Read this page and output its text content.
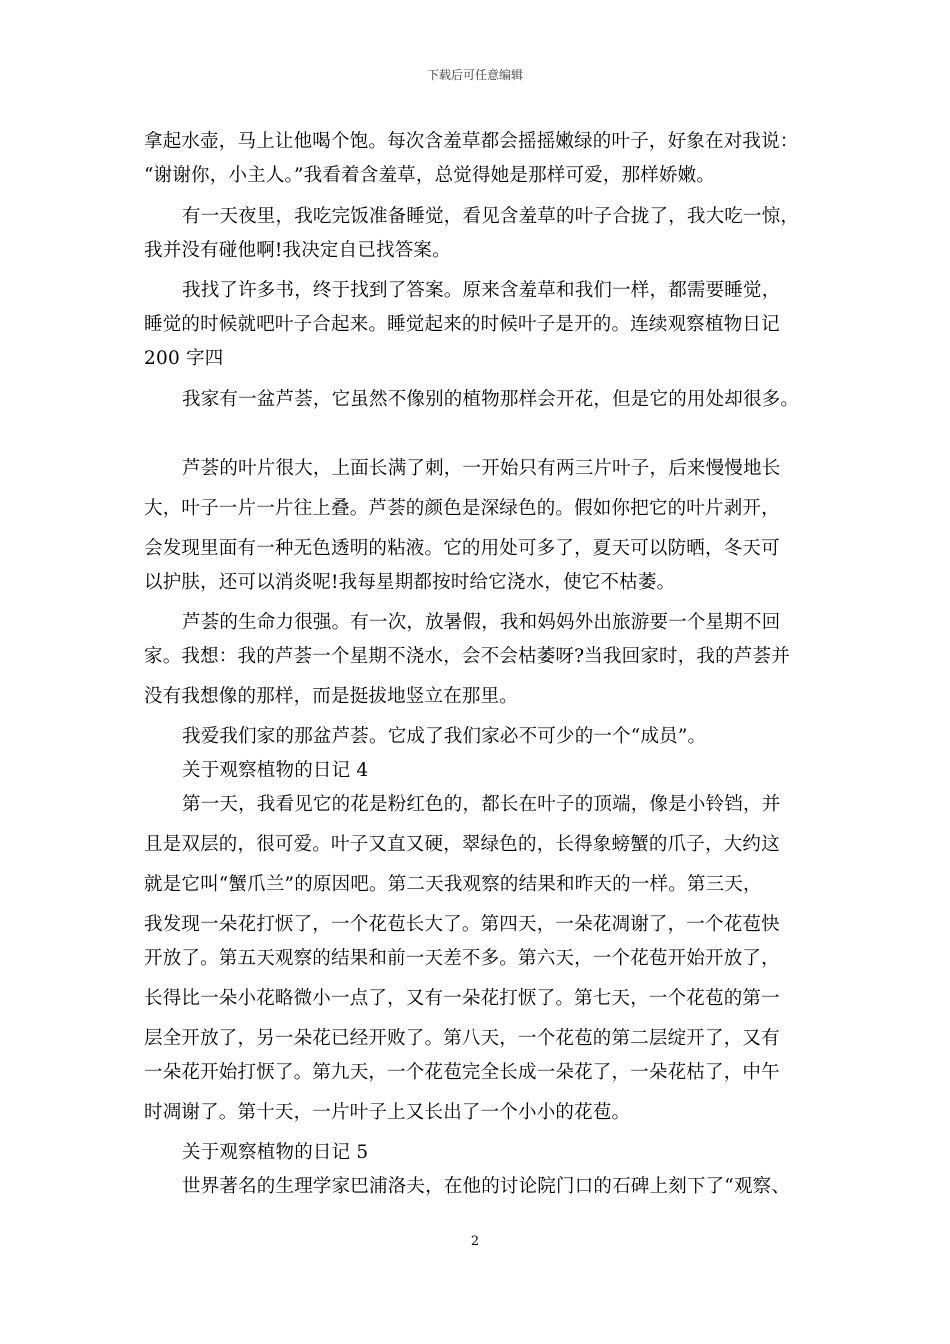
下载后可任意编辑
拿起水壶，马上让他喝个饱。每次含羞草都会摇摇嫩绿的叶子，好象在对我说：
“谢谢你，小主人。”我看着含羞草，总觉得她是那样可爱，那样娇嫩。
有一天夜里，我吃完饭准备睡觉，看见含羞草的叶子合拢了，我大吃一惊，
我并没有碰他啊!我决定自已找答案。
我找了许多书，终于找到了答案。原来含羞草和我们一样，都需要睡觉，
睡觉的时候就吧叶子合起来。睡觉起来的时候叶子是开的。连续观察植物日记
200 字四
我家有一盆芦荟，它虽然不像别的植物那样会开花，但是它的用处却很多。
芦荟的叶片很大，上面长满了刺，一开始只有两三片叶子，后来慢慢地长
大，叶子一片一片往上叠。芦荟的颜色是深绿色的。假如你把它的叶片剥开，
会发现里面有一种无色透明的粘液。它的用处可多了，夏天可以防晒，冬天可
以护肤，还可以消炎呢!我每星期都按时给它浇水，使它不枯萎。
芦荟的生命力很强。有一次，放暑假，我和妈妈外出旅游要一个星期不回
家。我想：我的芦荟一个星期不浇水，会不会枯萎呀?当我回家时，我的芦荟并
没有我想像的那样，而是挺拔地竖立在那里。
我爱我们家的那盆芦荟。它成了我们家必不可少的一个“成员”。
关于观察植物的日记 4
第一天，我看见它的花是粉红色的，都长在叶子的顶端，像是小铃铛，并
且是双层的，很可爱。叶子又直又硬，翠绿色的，长得象螃蟹的爪子，大约这
就是它叫“蟹爪兰”的原因吧。第二天我观察的结果和昨天的一样。第三天，
我发现一朵花打恹了，一个花苞长大了。第四天，一朵花凋谢了，一个花苞快
开放了。第五天观察的结果和前一天差不多。第六天，一个花苞开始开放了，
长得比一朵小花略微小一点了，又有一朵花打恹了。第七天，一个花苞的第一
层全开放了，另一朵花已经开败了。第八天，一个花苞的第二层绽开了，又有
一朵花开始打恹了。第九天，一个花苞完全长成一朵花了，一朵花枯了，中午
时凋谢了。第十天，一片叶子上又长出了一个小小的花苞。
关于观察植物的日记 5
世界著名的生理学家巴浦洛夫，在他的讨论院门口的石碑上刻下了“观察、
2
